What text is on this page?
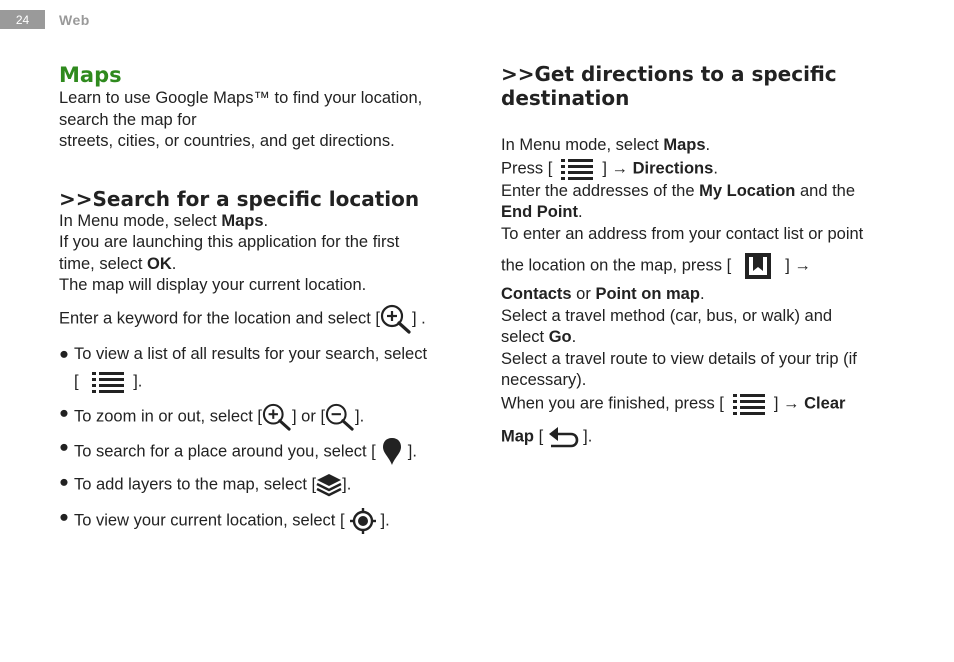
24 Web
Maps

Learn to use Google Maps™ to find your location,

search the map for

streets, cities, or countries, and get directions.

>>Search for a specific location

In Menu mode, select Maps.

If you are launching this application for the first

time, select OK.

The map will display your current location.

Enter a keyword for the location and select [ ] .

● To view a list of all results for your search, select
[	].
● To zoom in or out, select [ ] or [ ].
● To search for a place around you, select [ ].
● To add layers to the map, select [ ].
● To view your current location, select [ ].
>>Get directions to a specific
destination

In Menu mode, select Maps.

Press [	] → Directions.

Enter the addresses of the My Location and the
End Point.

To enter an address from your contact list or point

the location on the map, press [	] →

Contacts or Point on map.

Select a travel method (car, bus, or walk) and
select Go.

Select a travel route to view details of your trip (if
necessary).

When you are finished, press [	] → Clear

Map [ ].
